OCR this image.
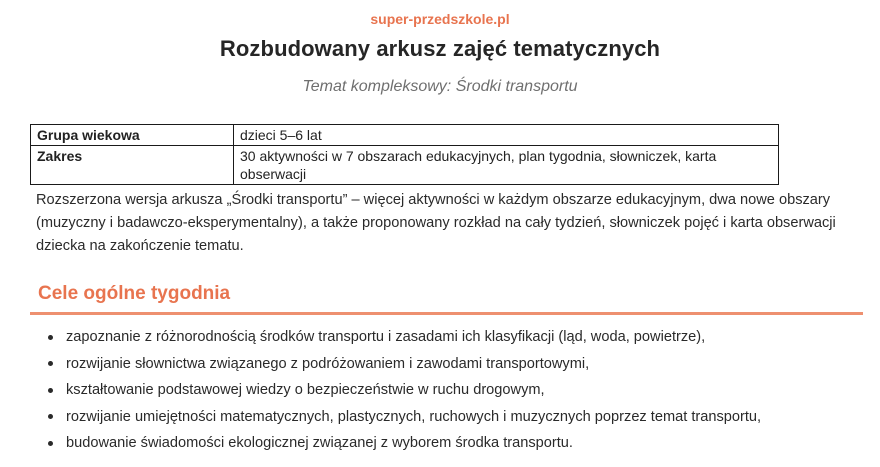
super-przedszkole.pl
Rozbudowany arkusz zajęć tematycznych
Temat kompleksowy: Środki transportu
Grupa wiekowa	dzieci 5–6 lat
Zakres	30 aktywności w 7 obszarach edukacyjnych, plan tygodnia, słowniczek, karta obserwacji
Rozszerzona wersja arkusza „Środki transportu” – więcej aktywności w każdym obszarze edukacyjnym, dwa nowe obszary (muzyczny i badawczo-eksperymentalny), a także proponowany rozkład na cały tydzień, słowniczek pojęć i karta obserwacji dziecka na zakończenie tematu.
Cele ogólne tygodnia
zapoznanie z różnorodnością środków transportu i zasadami ich klasyfikacji (ląd, woda, powietrze),
rozwijanie słownictwa związanego z podróżowaniem i zawodami transportowymi,
kształtowanie podstawowej wiedzy o bezpieczeństwie w ruchu drogowym,
rozwijanie umiejętności matematycznych, plastycznych, ruchowych i muzycznych poprzez temat transportu,
budowanie świadomości ekologicznej związanej z wyborem środka transportu.
